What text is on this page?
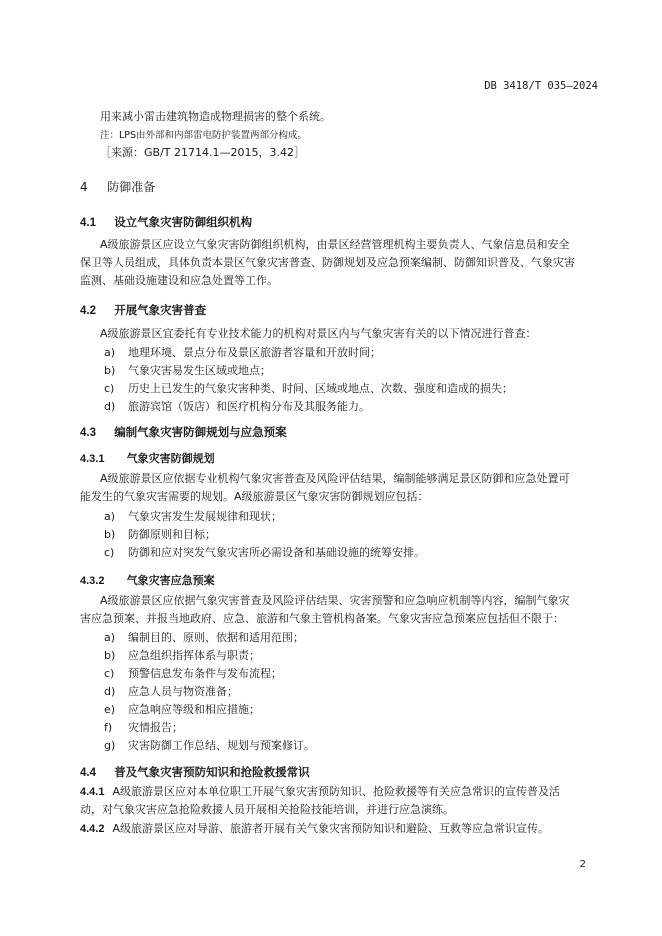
DB 3418/T 035—2024
用来减小雷击建筑物造成物理损害的整个系统。
注：LPS由外部和内部雷电防护装置两部分构成。
［来源：GB/T 21714.1—2015，3.42］
4 防御准备
4.1 设立气象灾害防御组织机构
A级旅游景区应设立气象灾害防御组织机构，由景区经营管理机构主要负责人、气象信息员和安全
保卫等人员组成，具体负责本景区气象灾害普查、防御规划及应急预案编制、防御知识普及、气象灾害
监测、基础设施建设和应急处置等工作。
4.2 开展气象灾害普查
A级旅游景区宜委托有专业技术能力的机构对景区内与气象灾害有关的以下情况进行普查：
a) 地理环境、景点分布及景区旅游者容量和开放时间；
b) 气象灾害易发生区域或地点；
c) 历史上已发生的气象灾害种类、时间、区域或地点、次数、强度和造成的损失；
d) 旅游宾馆（饭店）和医疗机构分布及其服务能力。
4.3 编制气象灾害防御规划与应急预案
4.3.1 气象灾害防御规划
A级旅游景区应依据专业机构气象灾害普查及风险评估结果，编制能够满足景区防御和应急处置可
能发生的气象灾害需要的规划。A级旅游景区气象灾害防御规划应包括：
a) 气象灾害发生发展规律和现状；
b) 防御原则和目标；
c) 防御和应对突发气象灾害所必需设备和基础设施的统筹安排。
4.3.2 气象灾害应急预案
A级旅游景区应依据气象灾害普查及风险评估结果、灾害预警和应急响应机制等内容，编制气象灾
害应急预案、并报当地政府、应急、旅游和气象主管机构备案。气象灾害应急预案应包括但不限于：
a) 编制目的、原则、依据和适用范围；
b) 应急组织指挥体系与职责；
c) 预警信息发布条件与发布流程；
d) 应急人员与物资准备；
e) 应急响应等级和相应措施；
f) 灾情报告；
g) 灾害防御工作总结、规划与预案修订。
4.4 普及气象灾害预防知识和抢险救援常识
4.4.1 A级旅游景区应对本单位职工开展气象灾害预防知识、抢险救援等有关应急常识的宣传普及活
动，对气象灾害应急抢险救援人员开展相关抢险技能培训，并进行应急演练。
4.4.2 A级旅游景区应对导游、旅游者开展有关气象灾害预防知识和避险、互救等应急常识宣传。
2
